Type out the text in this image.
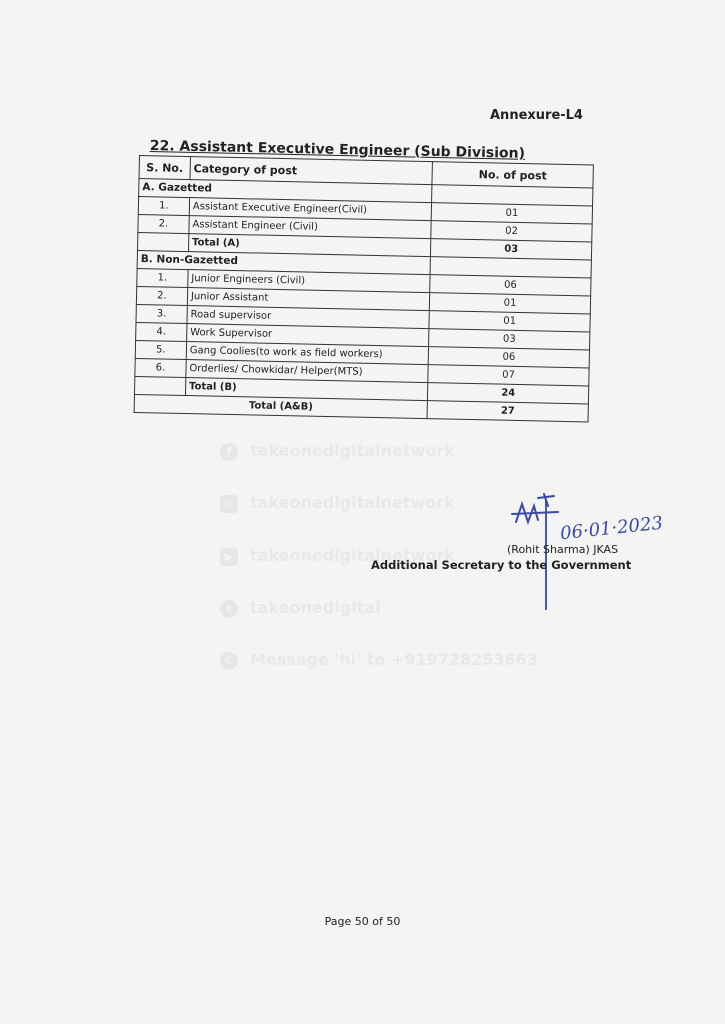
Annexure-L4
22. Assistant Executive Engineer (Sub Division)
S. No.	Category of post	No. of post
A. Gazetted		
1.	Assistant Executive Engineer(Civil)	01
2.	Assistant Engineer (Civil)	02
	Total (A)	03
B. Non-Gazetted		
1.	Junior Engineers (Civil)	06
2.	Junior Assistant	01
3.	Road supervisor	01
4.	Work Supervisor	03
5.	Gang Coolies(to work as field workers)	06
6.	Orderlies/ Chowkidar/ Helper(MTS)	07
	Total (B)	24
Total (A&B)		27
f takeonedigitalnetwork
◎ takeonedigitalnetwork
▶ takeonedigitalnetwork
t takeonedigital
✆ Message 'hi' to +919728253663
06·01·2023
(Rohit Sharma) JKAS
Additional Secretary to the Government
Page 50 of 50
